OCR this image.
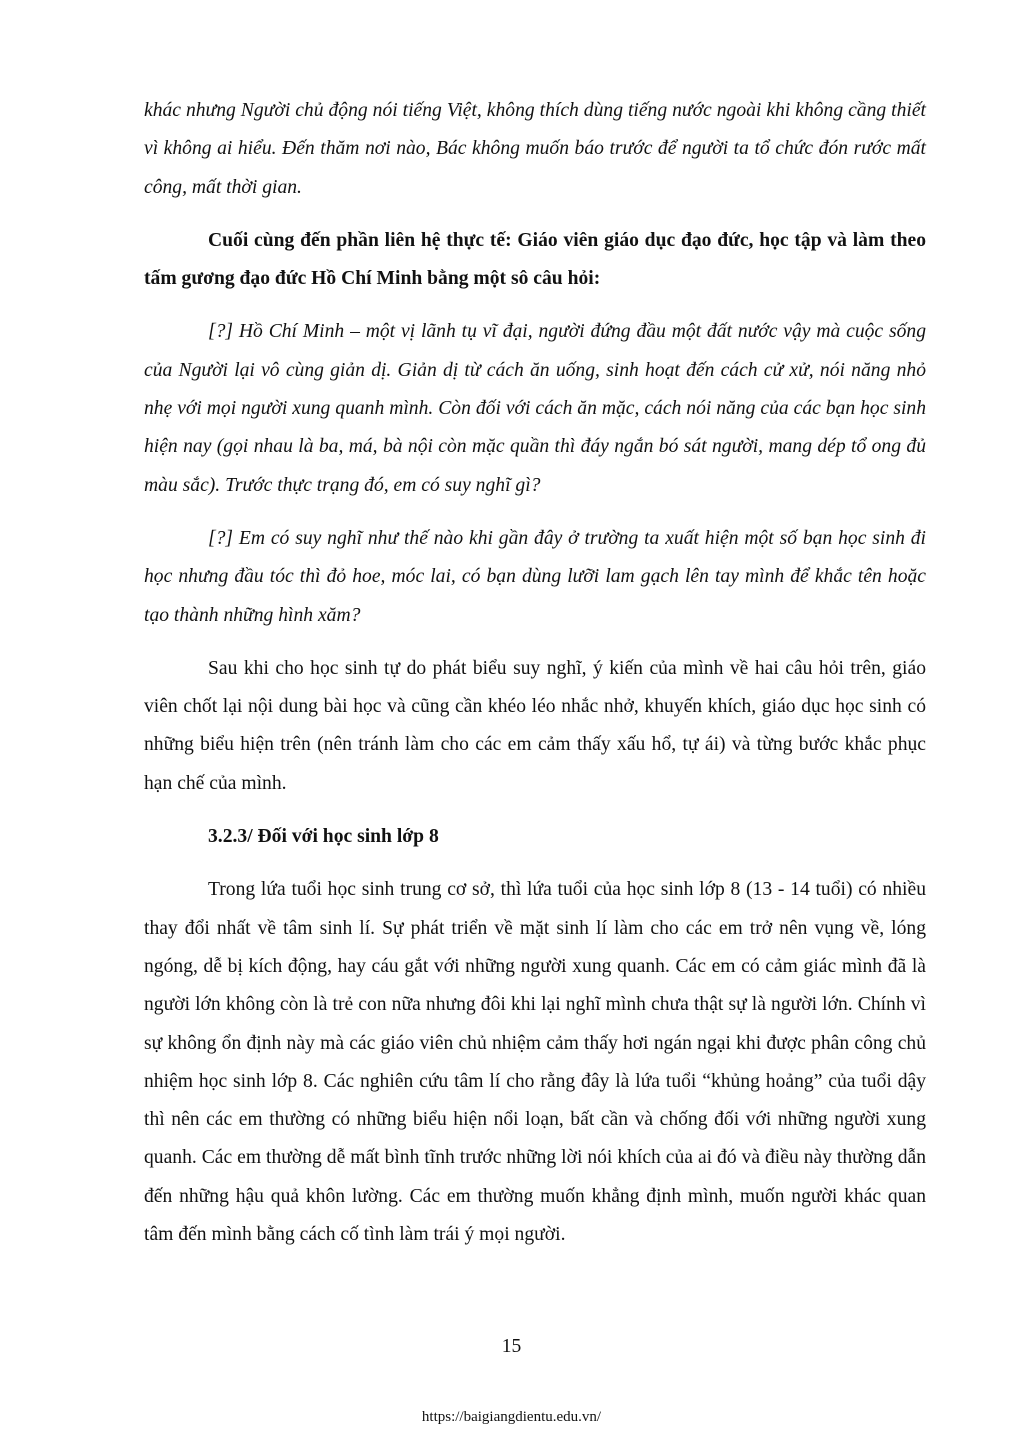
khác nhưng Người chủ động nói tiếng Việt, không thích dùng tiếng nước ngoài khi không cầng thiết vì không ai hiểu. Đến thăm nơi nào, Bác không muốn báo trước để người ta tổ chức đón rước mất công, mất thời gian.

Cuối cùng đến phần liên hệ thực tế: Giáo viên giáo dục đạo đức, học tập và làm theo tấm gương đạo đức Hồ Chí Minh bằng một sô câu hỏi:

[?] Hồ Chí Minh – một vị lãnh tụ vĩ đại, người đứng đầu một đất nước vậy mà cuộc sống của Người lại vô cùng giản dị. Giản dị từ cách ăn uống, sinh hoạt đến cách cử xử, nói năng nhỏ nhẹ với mọi người xung quanh mình. Còn đối với cách ăn mặc, cách nói năng của các bạn học sinh hiện nay (gọi nhau là ba, má, bà nội còn mặc quần thì đáy ngắn bó sát người, mang dép tổ ong đủ màu sắc). Trước thực trạng đó, em có suy nghĩ gì?

[?] Em có suy nghĩ như thế nào khi gần đây ở trường ta xuất hiện một số bạn học sinh đi học nhưng đầu tóc thì đỏ hoe, móc lai, có bạn dùng lưỡi lam gạch lên tay mình để khắc tên hoặc tạo thành những hình xăm?

Sau khi cho học sinh tự do phát biểu suy nghĩ, ý kiến của mình về hai câu hỏi trên, giáo viên chốt lại nội dung bài học và cũng cần khéo léo nhắc nhở, khuyến khích, giáo dục học sinh có những biểu hiện trên (nên tránh làm cho các em cảm thấy xấu hổ, tự ái) và từng bước khắc phục hạn chế của mình.

3.2.3/ Đối với học sinh lớp 8

Trong lứa tuổi học sinh trung cơ sở, thì lứa tuổi của học sinh lớp 8 (13 - 14 tuổi) có nhiều thay đổi nhất về tâm sinh lí. Sự phát triển về mặt sinh lí làm cho các em trở nên vụng về, lóng ngóng, dễ bị kích động, hay cáu gắt với những người xung quanh. Các em có cảm giác mình đã là người lớn không còn là trẻ con nữa nhưng đôi khi lại nghĩ mình chưa thật sự là người lớn. Chính vì sự không ổn định này mà các giáo viên chủ nhiệm cảm thấy hơi ngán ngại khi được phân công chủ nhiệm học sinh lớp 8. Các nghiên cứu tâm lí cho rằng đây là lứa tuổi “khủng hoảng” của tuổi dậy thì nên các em thường có những biểu hiện nổi loạn, bất cần và chống đối với những người xung quanh. Các em thường dễ mất bình tĩnh trước những lời nói khích của ai đó và điều này thường dẫn đến những hậu quả khôn lường. Các em thường muốn khẳng định mình, muốn người khác quan tâm đến mình bằng cách cố tình làm trái ý mọi người.

15
https://baigiangdientu.edu.vn/
